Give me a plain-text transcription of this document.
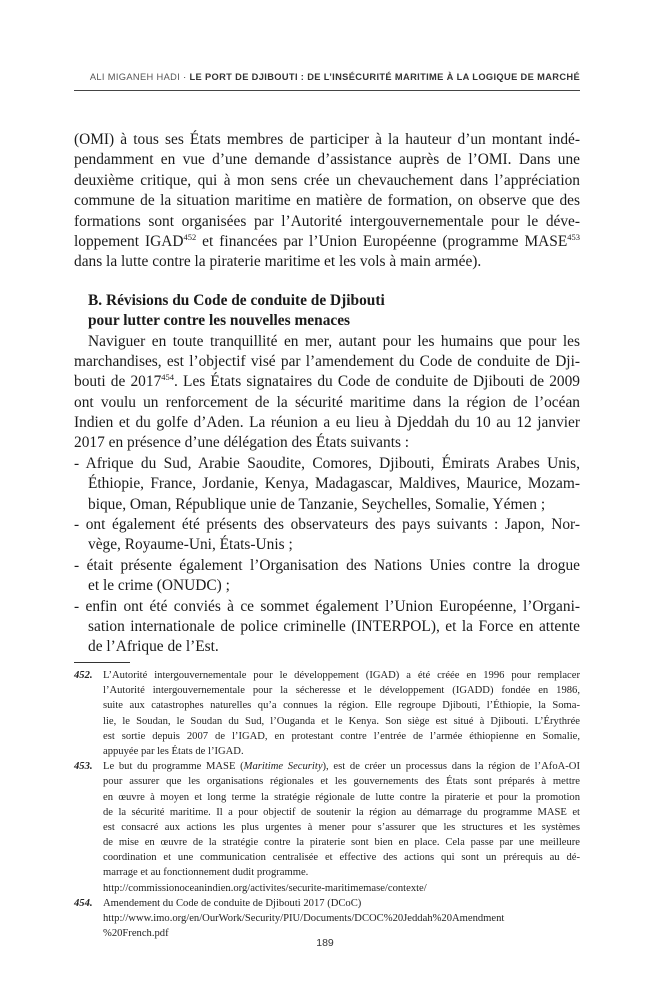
ALI MIGANEH HADI · LE PORT DE DJIBOUTI : DE L’INSÉCURITÉ MARITIME À LA LOGIQUE DE MARCHÉ
(OMI) à tous ses États membres de participer à la hauteur d’un montant indé-
pendamment en vue d’une demande d’assistance auprès de l’OMI. Dans une
deuxième critique, qui à mon sens crée un chevauchement dans l’appréciation
commune de la situation maritime en matière de formation, on observe que des
formations sont organisées par l’Autorité intergouvernementale pour le déve-
loppement IGAD$^{452}$ et financées par l’Union Européenne (programme MASE$^{453}$
dans la lutte contre la piraterie maritime et les vols à main armée).
B. Révisions du Code de conduite de Djibouti
pour lutter contre les nouvelles menaces
Naviguer en toute tranquillité en mer, autant pour les humains que pour les
marchandises, est l’objectif visé par l’amendement du Code de conduite de Dji-
bouti de 2017$^{454}$. Les États signataires du Code de conduite de Djibouti de 2009
ont voulu un renforcement de la sécurité maritime dans la région de l’océan
Indien et du golfe d’Aden. La réunion a eu lieu à Djeddah du 10 au 12 janvier
2017 en présence d’une délégation des États suivants :
- Afrique du Sud, Arabie Saoudite, Comores, Djibouti, Émirats Arabes Unis,
Éthiopie, France, Jordanie, Kenya, Madagascar, Maldives, Maurice, Mozam-
bique, Oman, République unie de Tanzanie, Seychelles, Somalie, Yémen ;
- ont également été présents des observateurs des pays suivants : Japon, Nor-
vège, Royaume-Uni, États-Unis ;
- était présente également l’Organisation des Nations Unies contre la drogue
et le crime (ONUDC) ;
- enfin ont été conviés à ce sommet également l’Union Européenne, l’Organi-
sation internationale de police criminelle (INTERPOL), et la Force en attente
de l’Afrique de l’Est.
452. L’Autorité intergouvernementale pour le développement (IGAD) a été créée en 1996 pour remplacer
l’Autorité intergouvernementale pour la sécheresse et le développement (IGADD) fondée en 1986,
suite aux catastrophes naturelles qu’a connues la région. Elle regroupe Djibouti, l’Éthiopie, la Soma-
lie, le Soudan, le Soudan du Sud, l’Ouganda et le Kenya. Son siège est situé à Djibouti. L’Érythrée
est sortie depuis 2007 de l’IGAD, en protestant contre l’entrée de l’armée éthiopienne en Somalie,
appuyée par les États de l’IGAD.
453. Le but du programme MASE (Maritime Security), est de créer un processus dans la région de l’AfoA-OI
pour assurer que les organisations régionales et les gouvernements des États sont préparés à mettre
en œuvre à moyen et long terme la stratégie régionale de lutte contre la piraterie et pour la promotion
de la sécurité maritime. Il a pour objectif de soutenir la région au démarrage du programme MASE et
est consacré aux actions les plus urgentes à mener pour s’assurer que les structures et les systèmes
de mise en œuvre de la stratégie contre la piraterie sont bien en place. Cela passe par une meilleure
coordination et une communication centralisée et effective des actions qui sont un prérequis au dé-
marrage et au fonctionnement dudit programme.
http://commissionoceanindien.org/activites/securite-maritimemase/contexte/
454. Amendement du Code de conduite de Djibouti 2017 (DCoC)
http://www.imo.org/en/OurWork/Security/PIU/Documents/DCOC%20Jeddah%20Amendment
%20French.pdf
189
